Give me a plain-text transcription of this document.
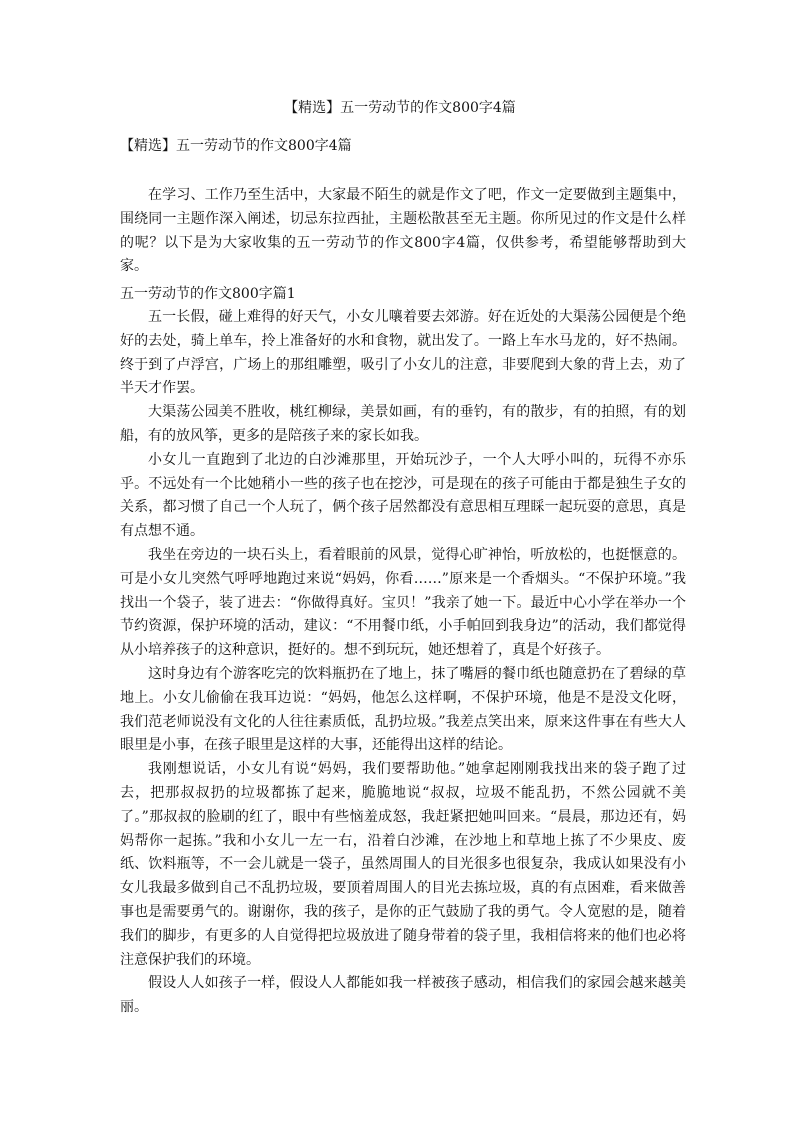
【精选】五一劳动节的作文800字4篇
【精选】五一劳动节的作文800字4篇

在学习、工作乃至生活中，大家最不陌生的就是作文了吧，作文一定要做到主题集中，围绕同一主题作深入阐述，切忌东拉西扯，主题松散甚至无主题。你所见过的作文是什么样的呢？以下是为大家收集的五一劳动节的作文800字4篇，仅供参考，希望能够帮助到大家。

五一劳动节的作文800字篇1

五一长假，碰上难得的好天气，小女儿嚷着要去郊游。好在近处的大渠荡公园便是个绝好的去处，骑上单车，拎上准备好的水和食物，就出发了。一路上车水马龙的，好不热闹。终于到了卢浮宫，广场上的那组雕塑，吸引了小女儿的注意，非要爬到大象的背上去，劝了半天才作罢。

大渠荡公园美不胜收，桃红柳绿，美景如画，有的垂钓，有的散步，有的拍照，有的划船，有的放风筝，更多的是陪孩子来的家长如我。

小女儿一直跑到了北边的白沙滩那里，开始玩沙子，一个人大呼小叫的，玩得不亦乐乎。不远处有一个比她稍小一些的孩子也在挖沙，可是现在的孩子可能由于都是独生子女的关系，都习惯了自己一个人玩了，俩个孩子居然都没有意思相互理睬一起玩耍的意思，真是有点想不通。

我坐在旁边的一块石头上，看着眼前的风景，觉得心旷神怡，听放松的，也挺惬意的。可是小女儿突然气呼呼地跑过来说“妈妈，你看……”原来是一个香烟头。“不保护环境。”我找出一个袋子，装了进去：“你做得真好。宝贝！”我亲了她一下。最近中心小学在举办一个节约资源，保护环境的活动，建议：“不用餐巾纸，小手帕回到我身边”的活动，我们都觉得从小培养孩子的这种意识，挺好的。想不到玩玩，她还想着了，真是个好孩子。

这时身边有个游客吃完的饮料瓶扔在了地上，抹了嘴唇的餐巾纸也随意扔在了碧绿的草地上。小女儿偷偷在我耳边说：“妈妈，他怎么这样啊，不保护环境，他是不是没文化呀，我们范老师说没有文化的人往往素质低，乱扔垃圾。”我差点笑出来，原来这件事在有些大人眼里是小事，在孩子眼里是这样的大事，还能得出这样的结论。

我刚想说话，小女儿有说“妈妈，我们要帮助他。”她拿起刚刚我找出来的袋子跑了过去，把那叔叔扔的垃圾都拣了起来，脆脆地说“叔叔，垃圾不能乱扔，不然公园就不美了。”那叔叔的脸刷的红了，眼中有些恼羞成怒，我赶紧把她叫回来。“晨晨，那边还有，妈妈帮你一起拣。”我和小女儿一左一右，沿着白沙滩，在沙地上和草地上拣了不少果皮、废纸、饮料瓶等，不一会儿就是一袋子，虽然周围人的目光很多也很复杂，我成认如果没有小女儿我最多做到自己不乱扔垃圾，要顶着周围人的目光去拣垃圾，真的有点困难，看来做善事也是需要勇气的。谢谢你，我的孩子，是你的正气鼓励了我的勇气。令人宽慰的是，随着我们的脚步，有更多的人自觉得把垃圾放进了随身带着的袋子里，我相信将来的他们也必将注意保护我们的环境。

假设人人如孩子一样，假设人人都能如我一样被孩子感动，相信我们的家园会越来越美丽。
